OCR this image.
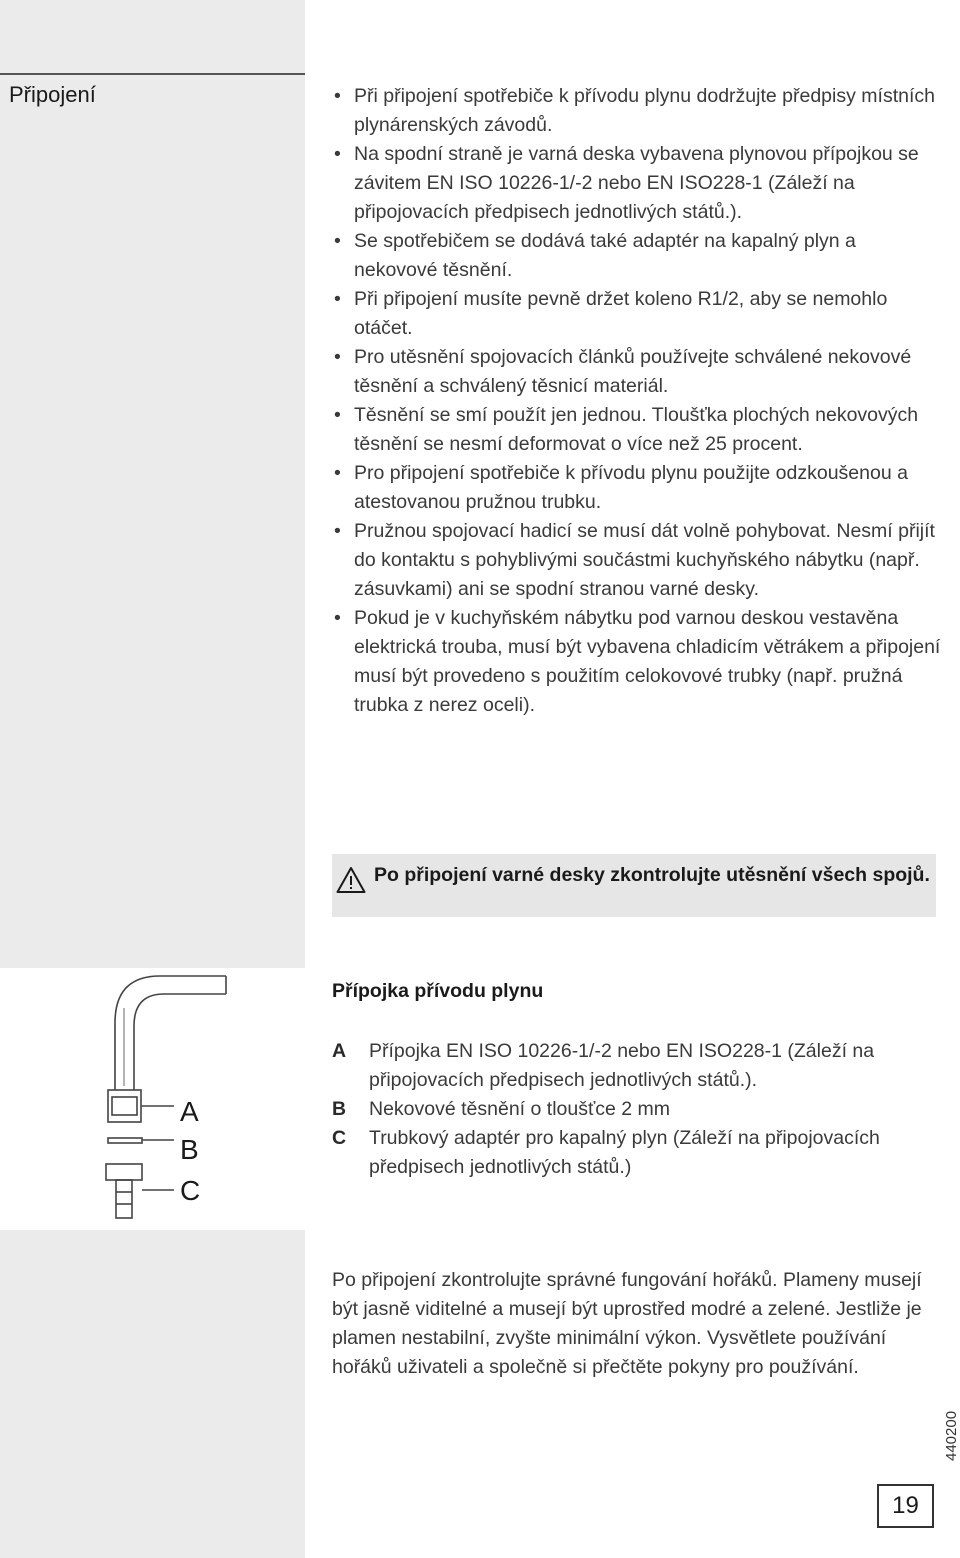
Připojení
•	Při připojení spotřebiče k přívodu plynu dodržujte předpisy místních plynárenských závodů.
• Na spodní straně je varná deska vybavena plynovou přípojkou se závitem EN ISO 10226-1/-2 nebo EN ISO228-1 (Záleží na připojovacích předpisech jednotlivých států.).
• Se spotřebičem se dodává také adaptér na kapalný plyn a nekovové těsnění.
• Při připojení musíte pevně držet koleno R1/2, aby se nemohlo otáčet.
• Pro utěsnění spojovacích článků používejte schválené nekovové těsnění a schválený těsnicí materiál.
• Těsnění se smí použít jen jednou. Tloušťka plochých nekovových těsnění se nesmí deformovat o více než 25 procent.
• Pro připojení spotřebiče k přívodu plynu použijte odzkoušenou a atestovanou pružnou trubku.
• Pružnou spojovací hadicí se musí dát volně pohybovat. Nesmí přijít do kontaktu s pohyblivými součástmi kuchyňského nábytku (např. zásuvkami) ani se spodní stranou varné desky.
• Pokud je v kuchyňském nábytku pod varnou deskou vestavěna elektrická trouba, musí být vybavena chladicím větrákem a připojení musí být provedeno s použitím celokovové trubky (např. pružná trubka z nerez oceli).
Po připojení varné desky zkontrolujte utěsnění všech spojů.
A
B
C
Přípojka přívodu plynu
A Přípojka EN ISO 10226-1/-2 nebo EN ISO228-1 (Záleží na připojovacích předpisech jednotlivých států.).
B Nekovové těsnění o tloušťce 2 mm
C Trubkový adaptér pro kapalný plyn (Záleží na připojovacích předpisech jednotlivých států.)

Po připojení zkontrolujte správné fungování hořáků. Plameny musejí být jasně viditelné a musejí být uprostřed modré a zelené. Jestliže je plamen nestabilní, zvyšte minimální výkon. Vysvětlete používání hořáků uživateli a společně si přečtěte pokyny pro používání.

440200
19
